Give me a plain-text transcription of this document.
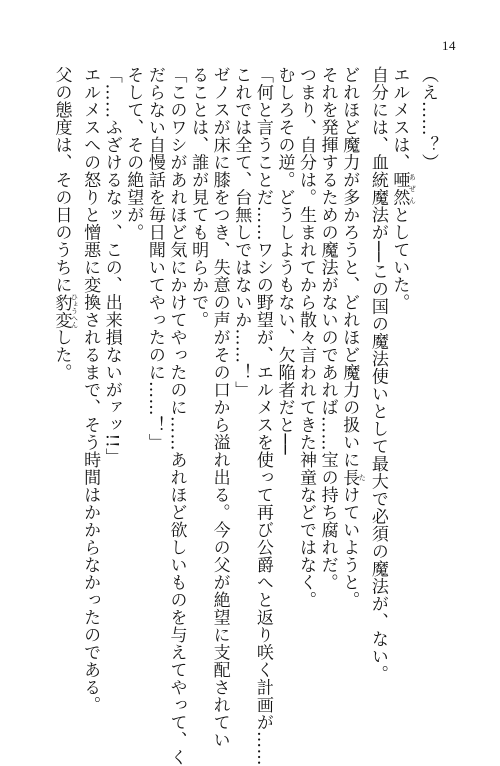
14
（え……？）
エルメスは、唖然 あぜんとしていた。
自分には、血統魔法が──この国の魔法使いとして最大で必須の魔法が、ない。
どれほど魔力が多かろうと、どれほど魔力の扱いに長 たけていようと。
それを発揮するための魔法がないのであれば……宝の持ち腐れだ。
つまり、自分は。生まれてから散々言われてきた神童などではなく。
むしろその逆。どうしようもない、欠陥者だと──
「何と言うことだ……ワシの野望が、エルメスを使って再び公爵へと返り咲く計画が……
これでは全て、台無しではないか……！」
ゼノスが床に膝をつき、失意の声がその口から溢れ出る。今の父が絶望に支配されてい
ることは、誰が見ても明らかで。
「このワシがあれほど気にかけてやったのに……あれほど欲しいものを与えてやって、く
だらない自慢話を毎日聞いてやったのに……！」
そして、その絶望が。
「……ふざけるなッ、この、出来損ないがァッ!!」
エルメスへの怒りと憎悪に変換されるまで、そう時間はかからなかったのである。
父の態度は、その日のうちに豹変 ひょうへんした。
